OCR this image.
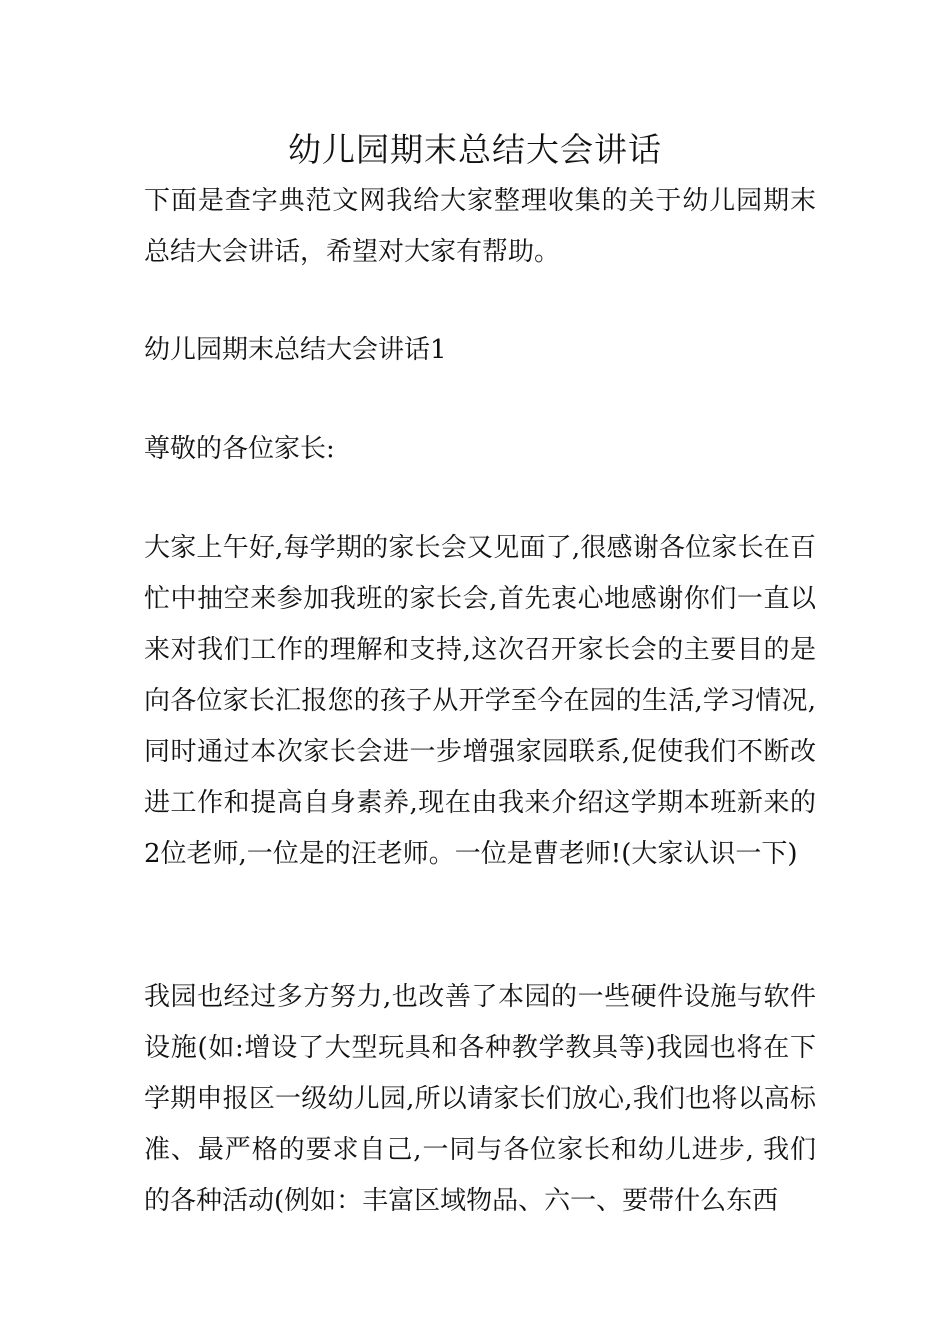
幼儿园期末总结大会讲话

下面是查字典范文网我给大家整理收集的关于幼儿园期末总结大会讲话，希望对大家有帮助。

幼儿园期末总结大会讲话1

尊敬的各位家长:

大家上午好,每学期的家长会又见面了,很感谢各位家长在百忙中抽空来参加我班的家长会,首先衷心地感谢你们一直以来对我们工作的理解和支持,这次召开家长会的主要目的是向各位家长汇报您的孩子从开学至今在园的生活,学习情况,同时通过本次家长会进一步增强家园联系,促使我们不断改进工作和提高自身素养,现在由我来介绍这学期本班新来的2位老师,一位是的汪老师。一位是曹老师!(大家认识一下)

我园也经过多方努力,也改善了本园的一些硬件设施与软件设施(如:增设了大型玩具和各种教学教具等)我园也将在下学期申报区一级幼儿园,所以请家长们放心,我们也将以高标准、最严格的要求自己,一同与各位家长和幼儿进步, 我们的各种活动(例如：丰富区域物品、六一、要带什么东西
